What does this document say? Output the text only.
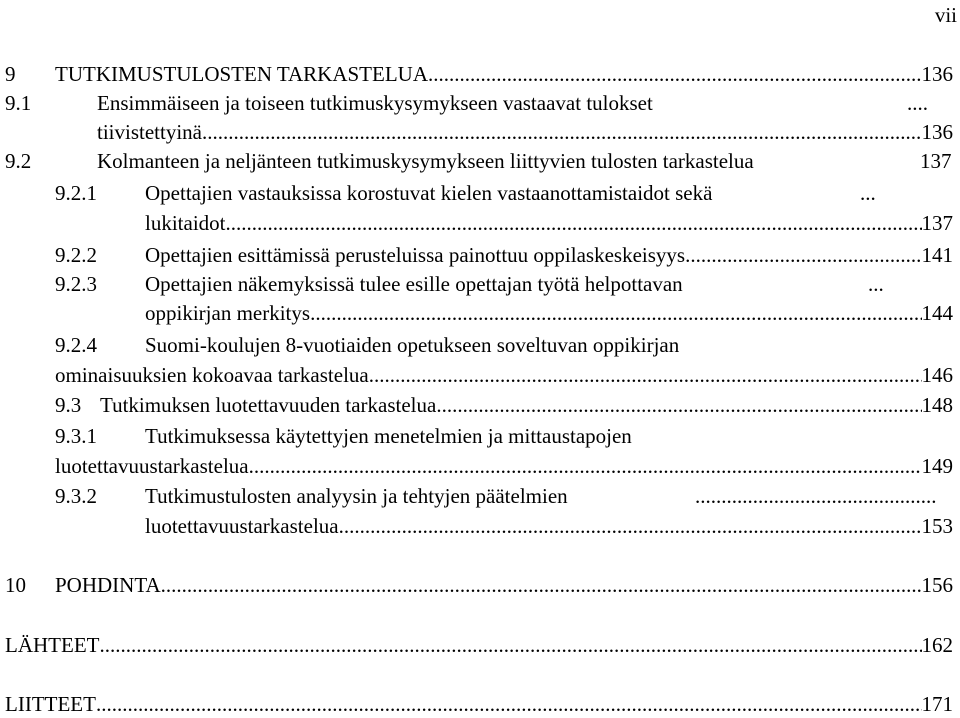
vii
9 TUTKIMUSTULOSTEN TARKASTELUA .....	136
9.1	Ensimmäiseen ja toiseen tutkimuskysymykseen vastaavat tulokset	....
tiivistettyinä .....	136
9.2	Kolmanteen ja neljänteen tutkimuskysymykseen liittyvien tulosten tarkastelua	137
9.2.1 Opettajien vastauksissa korostuvat kielen vastaanottamistaidot sekä	...
lukitaidot .....	137
9.2.2 Opettajien esittämissä perusteluissa painottuu oppilaskeskeisyys .....	141
9.2.3 Opettajien näkemyksissä tulee esille opettajan työtä helpottavan	...
oppikirjan merkitys .....	144
9.2.4 Suomi-koulujen 8-vuotiaiden opetukseen soveltuvan oppikirjan
ominaisuuksien kokoavaa tarkastelua .....	146
9.3 Tutkimuksen luotettavuuden tarkastelua .....	148
9.3.1 Tutkimuksessa käytettyjen menetelmien ja mittaustapojen
luotettavuustarkastelua .....	149
9.3.2 Tutkimustulosten analyysin ja tehtyjen päätelmien	..............................................
luotettavuustarkastelua .....	153
10 POHDINTA .....	156
LÄHTEET .....	162
LIITTEET .....	171
